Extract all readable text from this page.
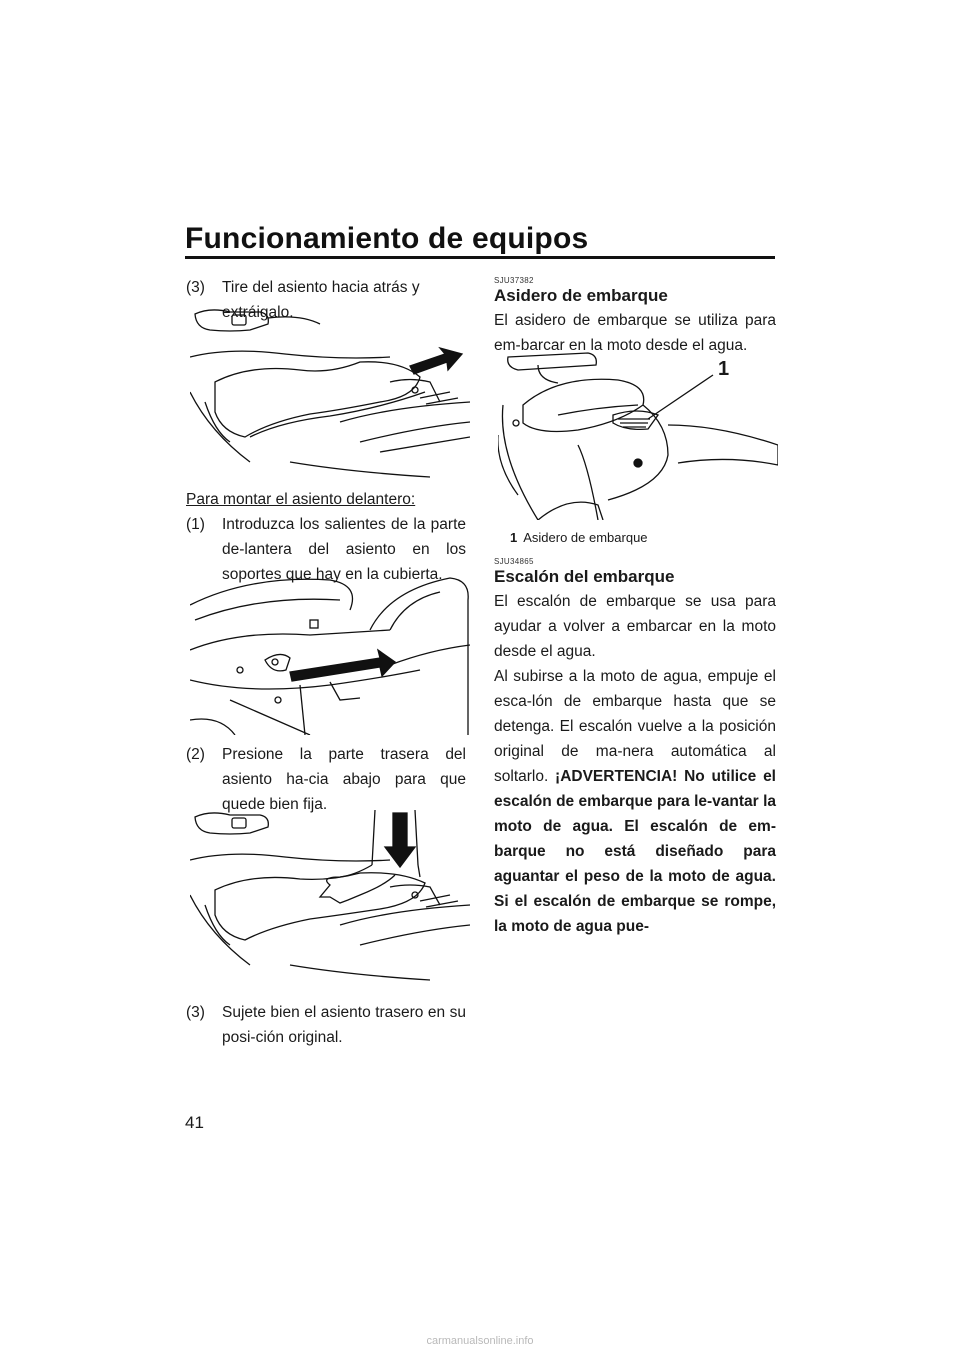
Funcionamiento de equipos
(3)	Tire del asiento hacia atrás y extráigalo.
Para montar el asiento delantero:
(1)	Introduzca los salientes de la parte de-lantera del asiento en los soportes que hay en la cubierta.
(2)	Presione la parte trasera del asiento ha-cia abajo para que quede bien fija.
(3)	Sujete bien el asiento trasero en su posi-ción original.
41
SJU37382
Asidero de embarque

El asidero de embarque se utiliza para em-barcar en la moto desde el agua.

1
1 Asidero de embarque
SJU34865
Escalón del embarque

El escalón de embarque se usa para ayudar a volver a embarcar en la moto desde el agua.

Al subirse a la moto de agua, empuje el esca-lón de embarque hasta que se detenga. El escalón vuelve a la posición original de ma-nera automática al soltarlo. ¡ADVERTENCIA! No utilice el escalón de embarque para le-vantar la moto de agua. El escalón de em-barque no está diseñado para aguantar el peso de la moto de agua. Si el escalón de embarque se rompe, la moto de agua pue-

carmanualsonline.info
